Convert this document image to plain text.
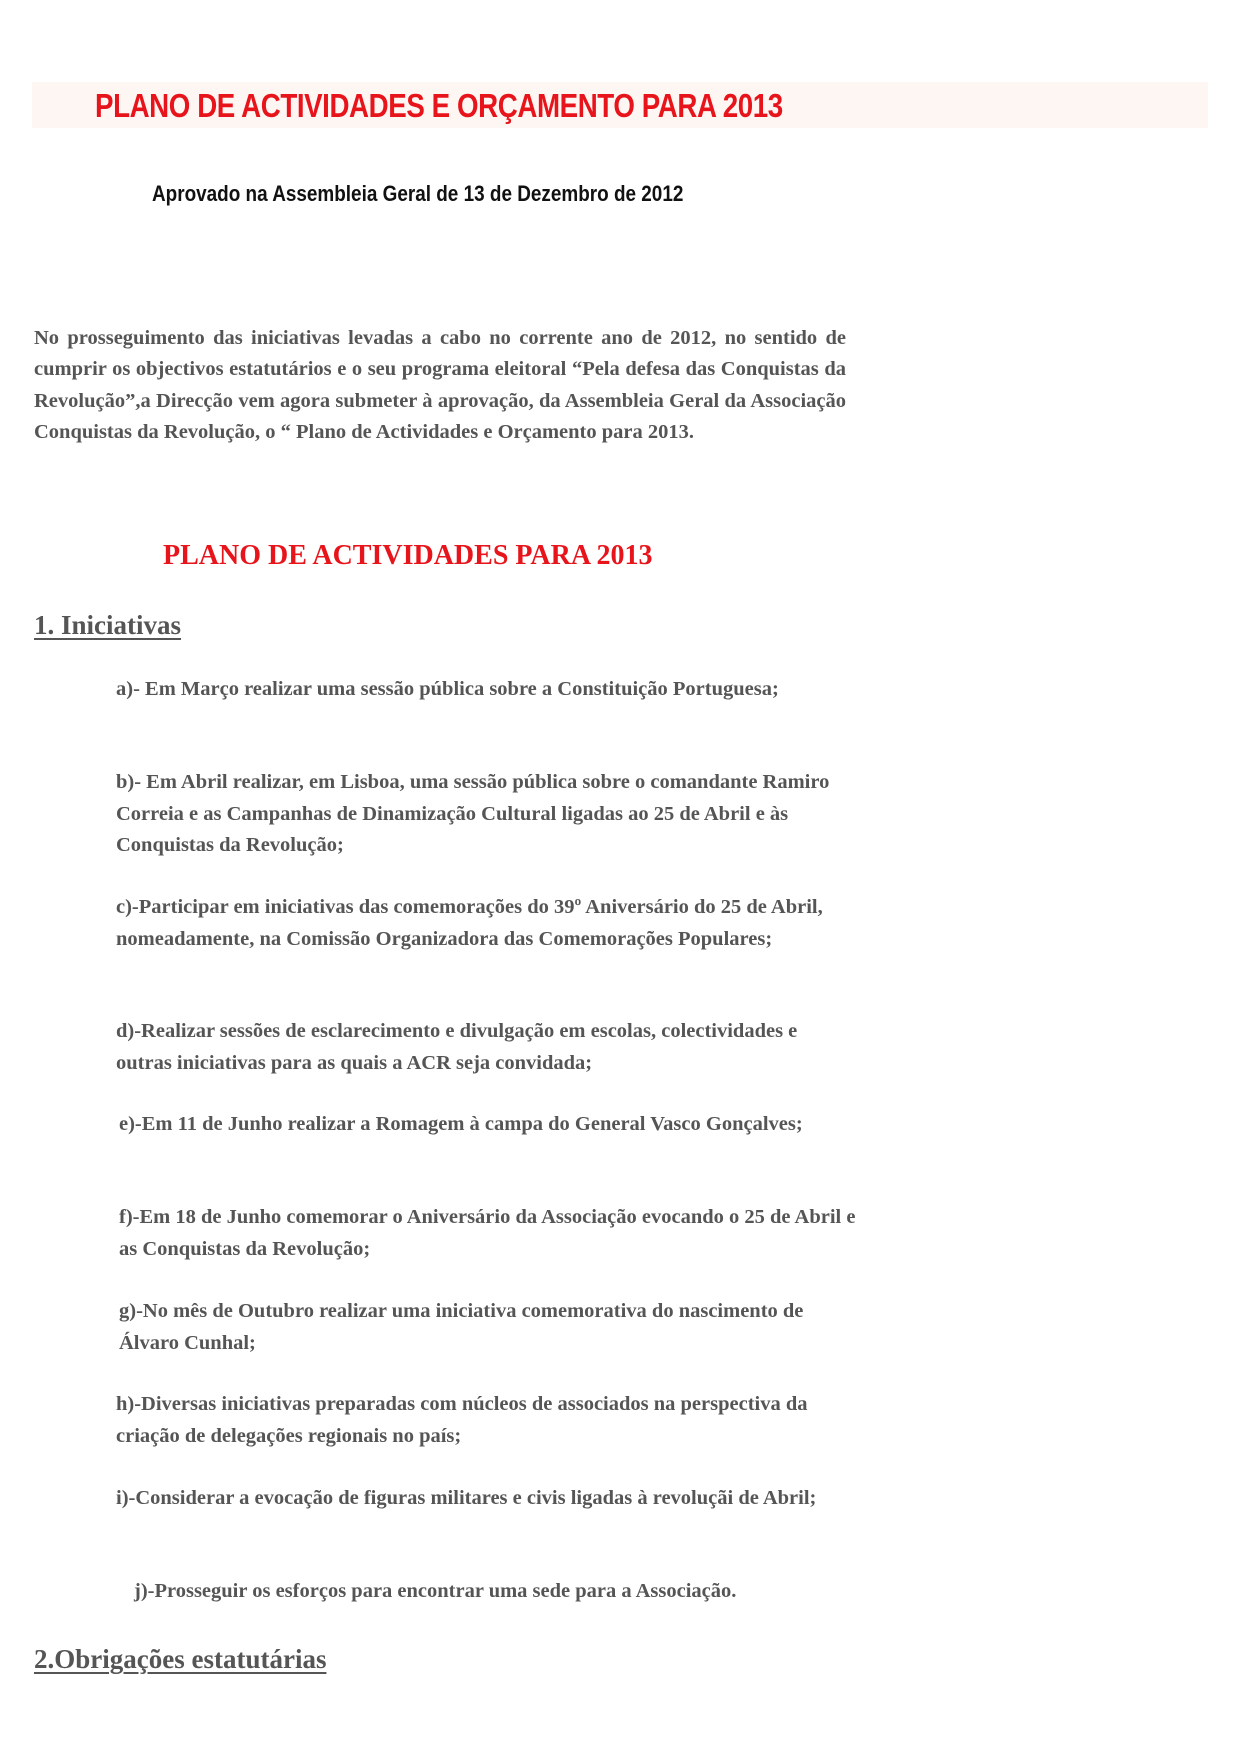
PLANO DE ACTIVIDADES E ORÇAMENTO PARA 2013
Aprovado na Assembleia Geral de 13 de Dezembro de 2012

No prosseguimento das iniciativas levadas a cabo no corrente ano de 2012, no sentido de cumprir os objectivos estatutários e o seu programa eleitoral “Pela defesa das Conquistas da Revolução”,a Direcção vem agora submeter à aprovação, da Assembleia Geral da Associação Conquistas da Revolução, o “ Plano de Actividades e Orçamento para 2013.

PLANO DE ACTIVIDADES PARA 2013
1. Iniciativas

a)- Em Março realizar uma sessão pública sobre a Constituição Portuguesa;

b)- Em Abril realizar, em Lisboa, uma sessão pública sobre o comandante Ramiro Correia e as Campanhas de Dinamização Cultural ligadas ao 25 de Abril e às Conquistas da Revolução;

c)-Participar em iniciativas das comemorações do 39º Aniversário do 25 de Abril, nomeadamente, na Comissão Organizadora das Comemorações Populares;

d)-Realizar sessões de esclarecimento e divulgação em escolas, colectividades e outras iniciativas para as quais a ACR seja convidada;

e)-Em 11 de Junho realizar a Romagem à campa do General Vasco Gonçalves;

f)-Em 18 de Junho comemorar o Aniversário da Associação evocando o 25 de Abril e as Conquistas da Revolução;

g)-No mês de Outubro realizar uma iniciativa comemorativa do nascimento de Álvaro Cunhal;

h)-Diversas iniciativas preparadas com núcleos de associados na perspectiva da criação de delegações regionais no país;

i)-Considerar a evocação de figuras militares e civis ligadas à revoluçãi de Abril;

j)-Prosseguir os esforços para encontrar uma sede para a Associação.

2.Obrigações estatutárias
